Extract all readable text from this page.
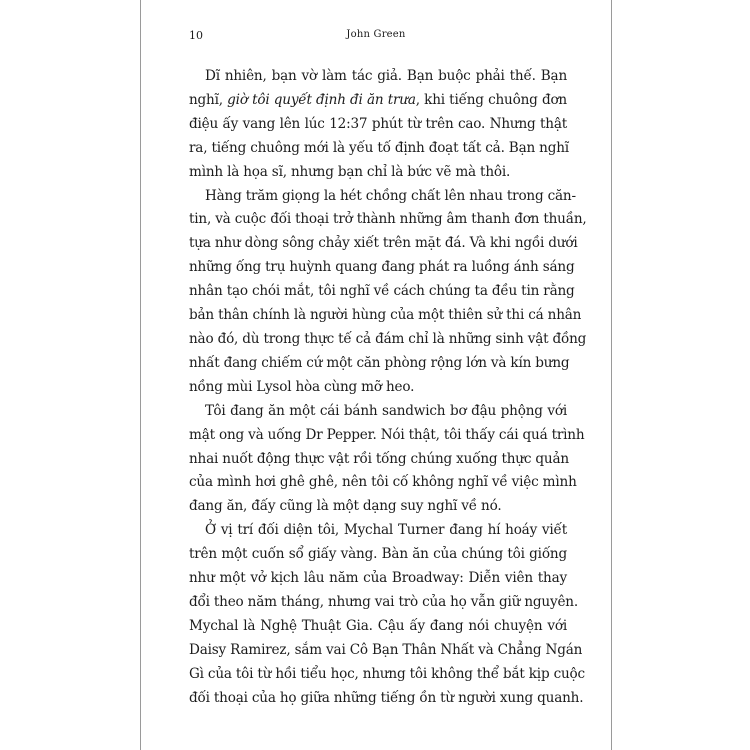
10	John Green
Dĩ nhiên, bạn vờ làm tác giả. Bạn buộc phải thế. Bạn
nghĩ, giờ tôi quyết định đi ăn trưa, khi tiếng chuông đơn
điệu ấy vang lên lúc 12:37 phút từ trên cao. Nhưng thật
ra, tiếng chuông mới là yếu tố định đoạt tất cả. Bạn nghĩ
mình là họa sĩ, nhưng bạn chỉ là bức vẽ mà thôi.
Hàng trăm giọng la hét chồng chất lên nhau trong căn-
tin, và cuộc đối thoại trở thành những âm thanh đơn thuần,
tựa như dòng sông chảy xiết trên mặt đá. Và khi ngồi dưới
những ống trụ huỳnh quang đang phát ra luồng ánh sáng
nhân tạo chói mắt, tôi nghĩ về cách chúng ta đều tin rằng
bản thân chính là người hùng của một thiên sử thi cá nhân
nào đó, dù trong thực tế cả đám chỉ là những sinh vật đồng
nhất đang chiếm cứ một căn phòng rộng lớn và kín bưng
nồng mùi Lysol hòa cùng mỡ heo.
Tôi đang ăn một cái bánh sandwich bơ đậu phộng với
mật ong và uống Dr Pepper. Nói thật, tôi thấy cái quá trình
nhai nuốt động thực vật rồi tống chúng xuống thực quản
của mình hơi ghê ghê, nên tôi cố không nghĩ về việc mình
đang ăn, đấy cũng là một dạng suy nghĩ về nó.
Ở vị trí đối diện tôi, Mychal Turner đang hí hoáy viết
trên một cuốn sổ giấy vàng. Bàn ăn của chúng tôi giống
như một vở kịch lâu năm của Broadway: Diễn viên thay
đổi theo năm tháng, nhưng vai trò của họ vẫn giữ nguyên.
Mychal là Nghệ Thuật Gia. Cậu ấy đang nói chuyện với
Daisy Ramirez, sắm vai Cô Bạn Thân Nhất và Chẳng Ngán
Gì của tôi từ hồi tiểu học, nhưng tôi không thể bắt kịp cuộc
đối thoại của họ giữa những tiếng ồn từ người xung quanh.
